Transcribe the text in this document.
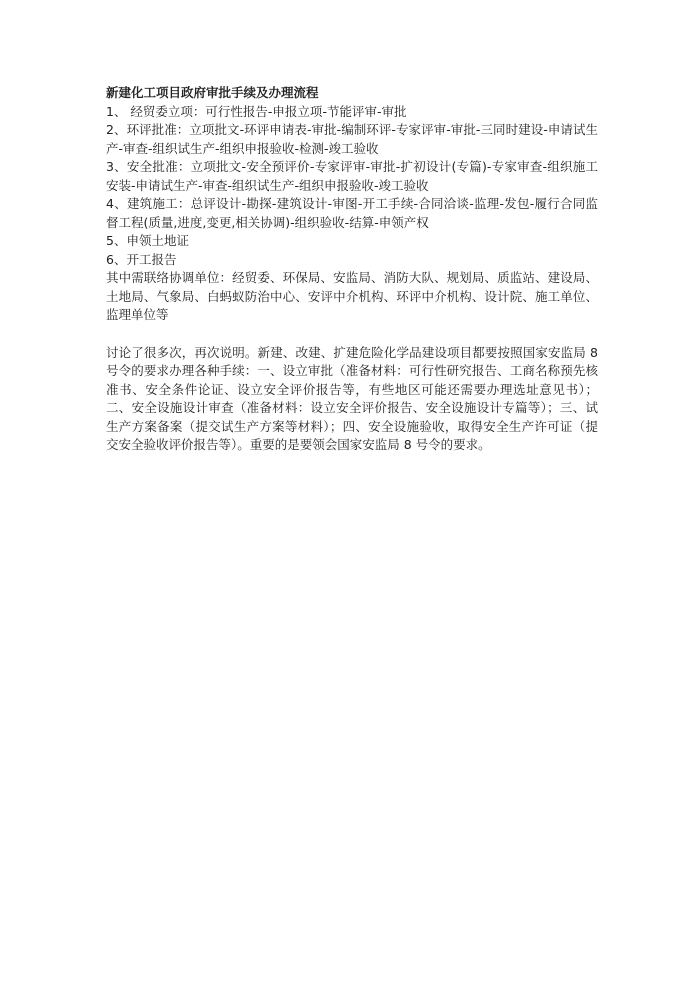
新建化工项目政府审批手续及办理流程

1、 经贸委立项：可行性报告-申报立项-节能评审-审批

2、环评批准：立项批文-环评申请表-审批-编制环评-专家评审-审批-三同时建设-申请试生产-审查-组织试生产-组织申报验收-检测-竣工验收

3、安全批准：立项批文-安全预评价-专家评审-审批-扩初设计(专篇)-专家审查-组织施工安装-申请试生产-审查-组织试生产-组织申报验收-竣工验收

4、建筑施工：总评设计-勘探-建筑设计-审图-开工手续-合同洽谈-监理-发包-履行合同监督工程(质量,进度,变更,相关协调)-组织验收-结算-申领产权

5、申领土地证

6、开工报告

其中需联络协调单位：经贸委、环保局、安监局、消防大队、规划局、质监站、建设局、土地局、气象局、白蚂蚁防治中心、安评中介机构、环评中介机构、设计院、施工单位、监理单位等

讨论了很多次，再次说明。新建、改建、扩建危险化学品建设项目都要按照国家安监局 8号令的要求办理各种手续：一、设立审批（准备材料：可行性研究报告、工商名称预先核准书、安全条件论证、设立安全评价报告等，有些地区可能还需要办理选址意见书）；二、安全设施设计审查（准备材料：设立安全评价报告、安全设施设计专篇等）；三、试生产方案备案（提交试生产方案等材料）；四、安全设施验收，取得安全生产许可证（提交安全验收评价报告等）。重要的是要领会国家安监局 8 号令的要求。
